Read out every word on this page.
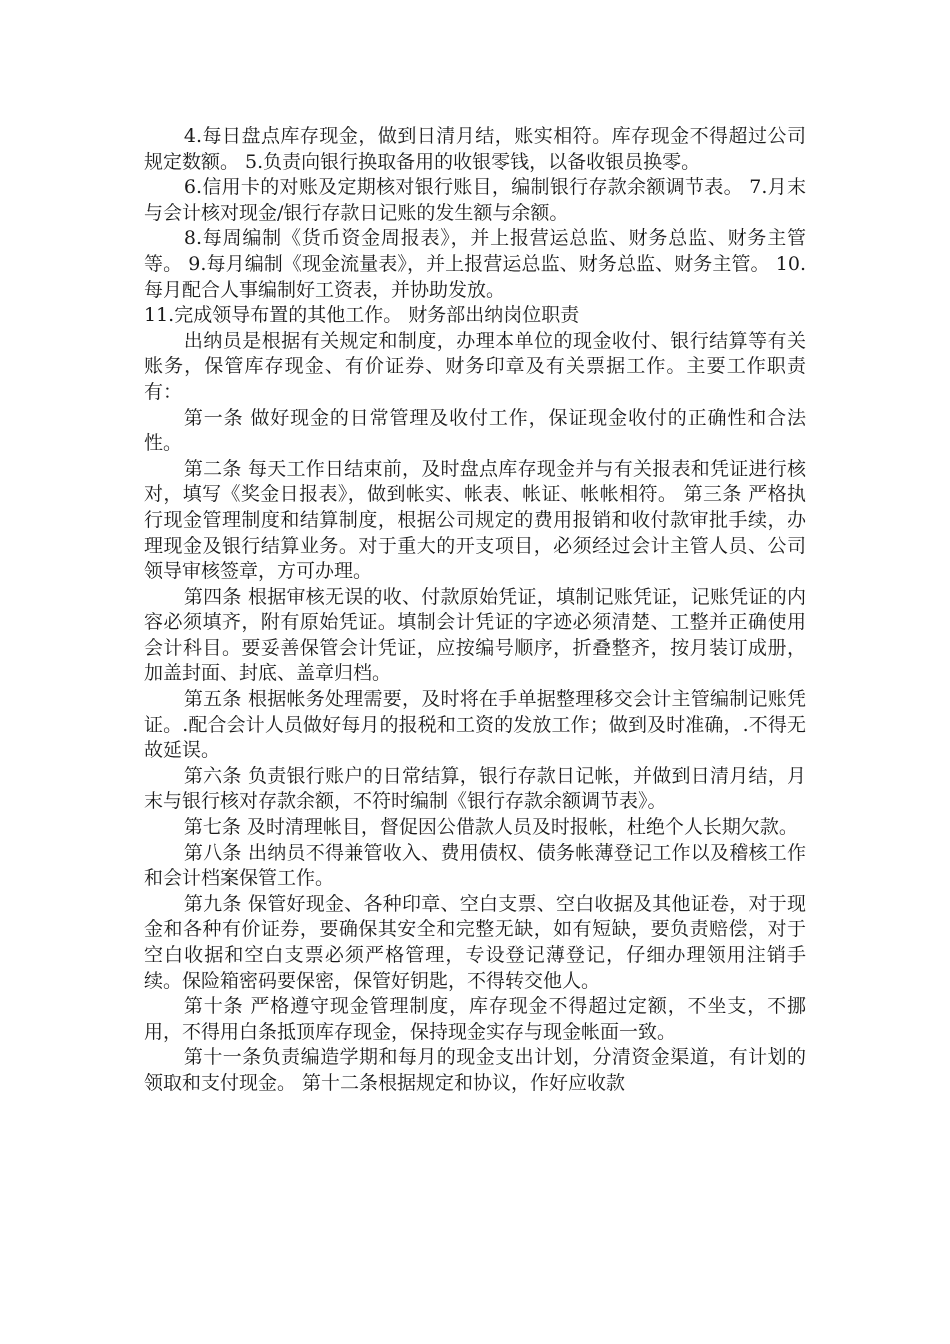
4.每日盘点库存现金，做到日清月结，账实相符。库存现金不得超过公司规定数额。 5.负责向银行换取备用的收银零钱，以备收银员换零。

6.信用卡的对账及定期核对银行账目，编制银行存款余额调节表。 7.月末与会计核对现金/银行存款日记账的发生额与余额。

8.每周编制《货币资金周报表》，并上报营运总监、财务总监、财务主管等。 9.每月编制《现金流量表》，并上报营运总监、财务总监、财务主管。 10.每月配合人事编制好工资表，并协助发放。

11.完成领导布置的其他工作。 财务部出纳岗位职责

出纳员是根据有关规定和制度，办理本单位的现金收付、银行结算等有关账务，保管库存现金、有价证券、财务印章及有关票据工作。主要工作职责有：

第一条 做好现金的日常管理及收付工作，保证现金收付的正确性和合法性。

第二条 每天工作日结束前，及时盘点库存现金并与有关报表和凭证进行核对，填写《奖金日报表》，做到帐实、帐表、帐证、帐帐相符。 第三条 严格执行现金管理制度和结算制度，根据公司规定的费用报销和收付款审批手续，办理现金及银行结算业务。对于重大的开支项目，必须经过会计主管人员、公司领导审核签章，方可办理。

第四条 根据审核无误的收、付款原始凭证，填制记账凭证，记账凭证的内容必须填齐，附有原始凭证。填制会计凭证的字迹必须清楚、工整并正确使用会计科目。要妥善保管会计凭证，应按编号顺序，折叠整齐，按月装订成册，加盖封面、封底、盖章归档。

第五条 根据帐务处理需要，及时将在手单据整理移交会计主管编制记账凭证。.配合会计人员做好每月的报税和工资的发放工作；做到及时准确，.不得无故延误。

第六条 负责银行账户的日常结算，银行存款日记帐，并做到日清月结，月末与银行核对存款余额，不符时编制《银行存款余额调节表》。

第七条 及时清理帐目，督促因公借款人员及时报帐，杜绝个人长期欠款。

第八条 出纳员不得兼管收入、费用债权、债务帐薄登记工作以及稽核工作和会计档案保管工作。

第九条 保管好现金、各种印章、空白支票、空白收据及其他证卷，对于现金和各种有价证券，要确保其安全和完整无缺，如有短缺，要负责赔偿，对于空白收据和空白支票必须严格管理，专设登记薄登记，仔细办理领用注销手续。保险箱密码要保密，保管好钥匙，不得转交他人。

第十条 严格遵守现金管理制度，库存现金不得超过定额，不坐支，不挪用，不得用白条抵顶库存现金，保持现金实存与现金帐面一致。

第十一条负责编造学期和每月的现金支出计划，分清资金渠道，有计划的领取和支付现金。 第十二条根据规定和协议，作好应收款
